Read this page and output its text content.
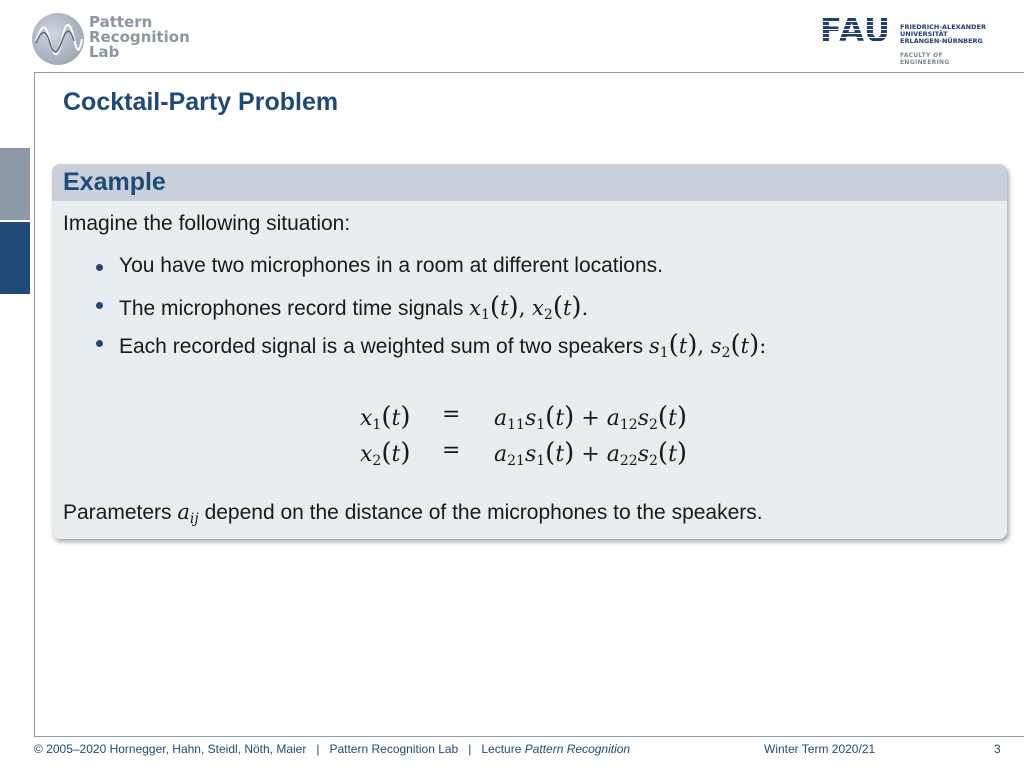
Pattern
Recognition
Lab
FAU FRIEDRICH-ALEXANDER
UNIVERSITÄT
ERLANGEN-NÜRNBERG
FACULTY OF ENGINEERING
Cocktail-Party Problem
Example
Imagine the following situation:
You have two microphones in a room at different locations.
The microphones record time signals $x_1(t)$, $x_2(t)$.
Each recorded signal is a weighted sum of two speakers $s_1(t)$, $s_2(t)$:
$x_1(t) = a_{11}s_1(t) + a_{12}s_2(t)$
$x_2(t) = a_{21}s_1(t) + a_{22}s_2(t)$
Parameters $a_{ij}$ depend on the distance of the microphones to the speakers.
© 2005–2020 Hornegger, Hahn, Steidl, Nöth, Maier   |   Pattern Recognition Lab   |   Lecture Pattern Recognition	Winter Term 2020/21	3
